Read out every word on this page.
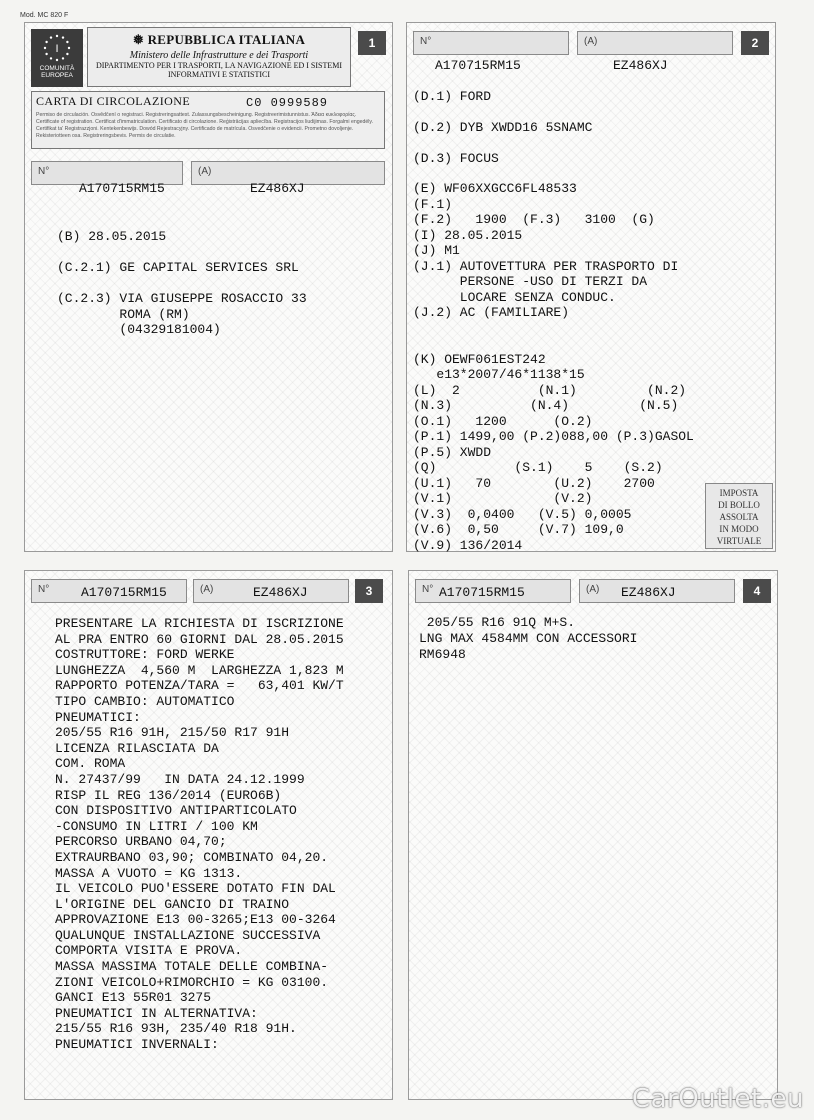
Mod. MC 820 F
I
COMUNITÀ EUROPEA
❅ REPUBBLICA ITALIANA
Ministero delle Infrastrutture e dei Trasporti
DIPARTIMENTO PER I TRASPORTI, LA NAVIGAZIONE ED I SISTEMI INFORMATIVI E STATISTICI
1
CARTA DI CIRCOLAZIONE	C0 0999589
Permiso de circulación. Osvědčení o registraci. Registreringsattest. Zulassungsbescheinigung. Registreerimistunnistus. Άδεια κυκλοφορίας. Certificate of registration. Certificat d'immatriculation. Certificato di circolazione. Reģistrācijas apliecība. Registracijos liudijimas. Forgalmi engedély. Certifikat ta' Registrazzjoni. Kentekenbewijs. Dowód Rejestracyjny. Certificado de matrícula. Osvedčenie o evidencii. Prometno dovoljenje. Rekisteriotteen osa. Registreringsbevis. Permis de circulatie.
N°	(A)
A170715RM15	EZ486XJ
(B) 28.05.2015

(C.2.1) GE CAPITAL SERVICES SRL

(C.2.3) VIA GIUSEPPE ROSACCIO 33
ROMA (RM)
(04329181004)
N°	(A)	2
A170715RM15	EZ486XJ
(D.1) FORD
(D.2) DYB XWDD16 5SNAMC
(D.3) FOCUS
(E) WF06XXGCC6FL48533
(F.1)
(F.2)   1900  (F.3)   3100  (G)
(I) 28.05.2015
(J) M1
(J.1) AUTOVETTURA PER TRASPORTO DI
PERSONE -USO DI TERZI DA
LOCARE SENZA CONDUC.
(J.2) AC (FAMILIARE)

(K) OEWF061EST242
e13*2007/46*1138*15
(L)  2          (N.1)         (N.2)
(N.3)          (N.4)         (N.5)
(O.1)   1200      (O.2)
(P.1) 1499,00 (P.2)088,00 (P.3)GASOL
(P.5) XWDD
(Q)          (S.1)    5    (S.2)
(U.1)   70        (U.2)    2700
(V.1)             (V.2)
(V.3)  0,0400   (V.5) 0,0005
(V.6)  0,50     (V.7) 109,0
(V.9) 136/2014
IMPOSTA
DI BOLLO
ASSOLTA
IN MODO
VIRTUALE
N°	(A)	3
A170715RM15	EZ486XJ
PRESENTARE LA RICHIESTA DI ISCRIZIONE
AL PRA ENTRO 60 GIORNI DAL 28.05.2015
COSTRUTTORE: FORD WERKE
LUNGHEZZA  4,560 M  LARGHEZZA 1,823 M
RAPPORTO POTENZA/TARA =   63,401 KW/T
TIPO CAMBIO: AUTOMATICO
PNEUMATICI:
205/55 R16 91H, 215/50 R17 91H
LICENZA RILASCIATA DA
COM. ROMA
N. 27437/99   IN DATA 24.12.1999
RISP IL REG 136/2014 (EURO6B)
CON DISPOSITIVO ANTIPARTICOLATO
-CONSUMO IN LITRI / 100 KM
PERCORSO URBANO 04,70;
EXTRAURBANO 03,90; COMBINATO 04,20.
MASSA A VUOTO = KG 1313.
IL VEICOLO PUO'ESSERE DOTATO FIN DAL
L'ORIGINE DEL GANCIO DI TRAINO
APPROVAZIONE E13 00-3265;E13 00-3264
QUALUNQUE INSTALLAZIONE SUCCESSIVA
COMPORTA VISITA E PROVA.
MASSA MASSIMA TOTALE DELLE COMBINA-
ZIONI VEICOLO+RIMORCHIO = KG 03100.
GANCI E13 55R01 3275
PNEUMATICI IN ALTERNATIVA:
215/55 R16 93H, 235/40 R18 91H.
PNEUMATICI INVERNALI:
N°	(A)	4
A170715RM15	EZ486XJ
205/55 R16 91Q M+S.
LNG MAX 4584MM CON ACCESSORI
RM6948
CarOutlet.eu
